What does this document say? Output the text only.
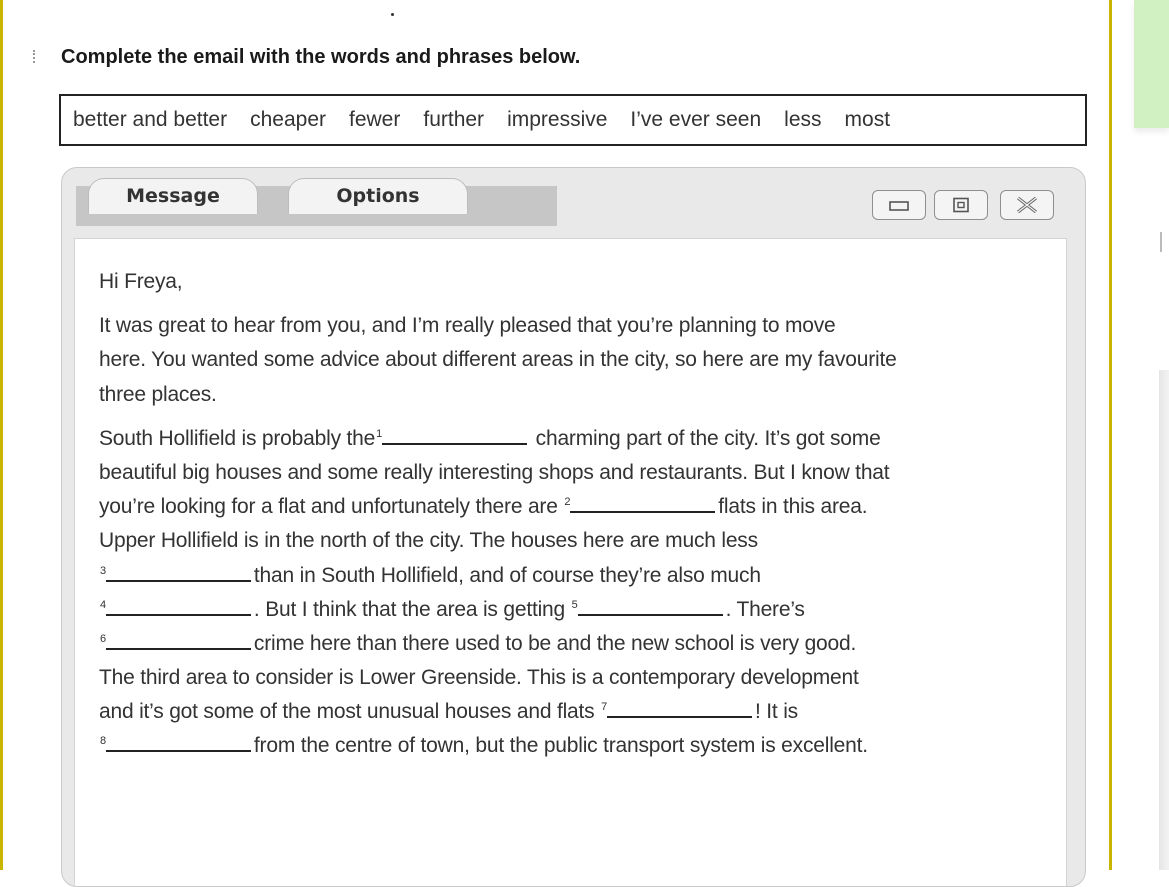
Complete the email with the words and phrases below.
better and better cheaper fewer further impressive I’ve ever seen less most
Message	Options
Hi Freya,
It was great to hear from you, and I’m really pleased that you’re planning to move
here. You wanted some advice about different areas in the city, so here are my favourite
three places.
South Hollifield is probably the$^1$	charming part of the city. It’s got some
beautiful big houses and some really interesting shops and restaurants. But I know that
you’re looking for a flat and unfortunately there are $^2$	flats in this area.
Upper Hollifield is in the north of the city. The houses here are much less
$^3$	than in South Hollifield, and of course they’re also much
$^4$	. But I think that the area is getting $^5$	. There’s
$^6$	crime here than there used to be and the new school is very good.
The third area to consider is Lower Greenside. This is a contemporary development
and it’s got some of the most unusual houses and flats $^7$	! It is
$^8$	from the centre of town, but the public transport system is excellent.
